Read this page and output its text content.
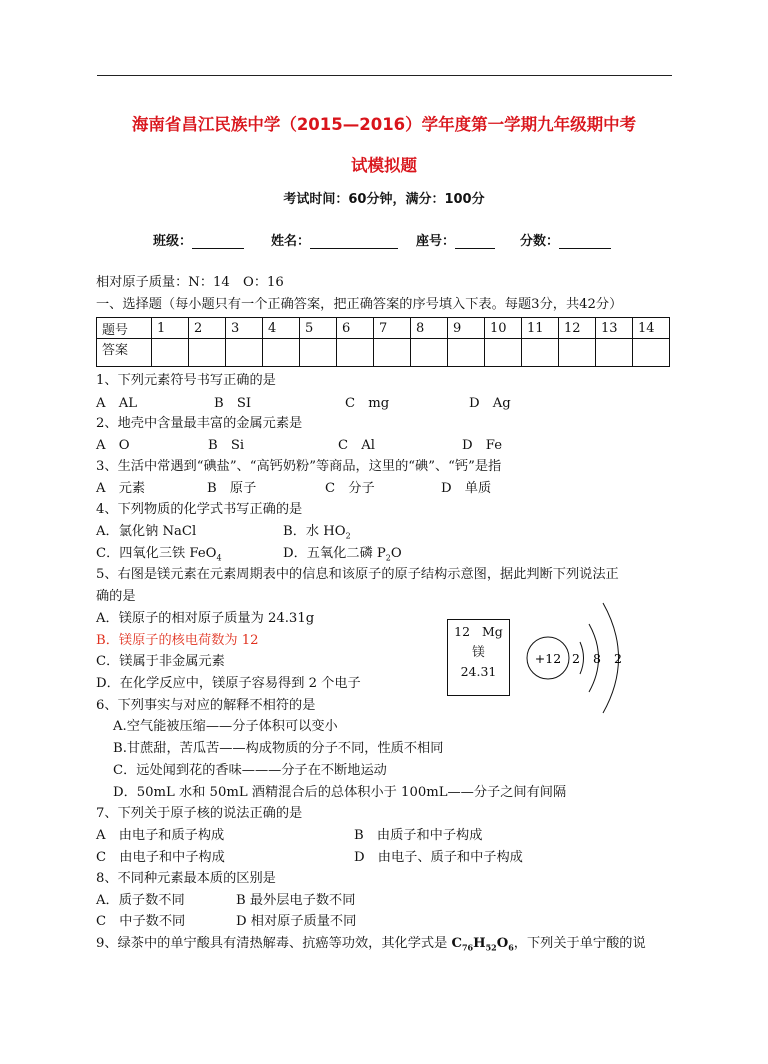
海南省昌江民族中学（2015—2016）学年度第一学期九年级期中考
试模拟题
考试时间：60分钟，满分：100分
班级：	姓名：	座号：	分数：
相对原子质量：N：14　O：16
一、选择题（每小题只有一个正确答案，把正确答案的序号填入下表。每题3分，共42分）
题号	1	2	3	4	5	6	7	8	9	10	11	12	13	14
答案														
1、下列元素符号书写正确的是
A　AL	B　SI	C　mg	D　Ag
2、地壳中含量最丰富的金属元素是
A　O	B　Si	C　Al	D　Fe
3、生活中常遇到“碘盐”、“高钙奶粉”等商品，这里的“碘”、“钙”是指
A　元素	B　原子	C　分子	D　单质
4、下列物质的化学式书写正确的是
A．氯化钠 NaCl	B．水 $HO_2$
C．四氧化三铁 FeO$_4$	D．五氧化二磷 $P_2O$
5、右图是镁元素在元素周期表中的信息和该原子的原子结构示意图，据此判断下列说法正
确的是
A．镁原子的相对原子质量为 24.31g
B．镁原子的核电荷数为 12
C．镁属于非金属元素
D．在化学反应中，镁原子容易得到 2 个电子
12 Mg
镁
24.31
+12 2 8 2
6、下列事实与对应的解释不相符的是
A.空气能被压缩——分子体积可以变小
B.甘蔗甜，苦瓜苦——构成物质的分子不同，性质不相同
C．远处闻到花的香味———分子在不断地运动
D．50mL 水和 50mL 酒精混合后的总体积小于 100mL——分子之间有间隔
7、下列关于原子核的说法正确的是
A　由电子和质子构成	B　由质子和中子构成
C　由电子和中子构成	D　由电子、质子和中子构成
8、不同种元素最本质的区别是
A．质子数不同	B 最外层电子数不同
C　中子数不同	D 相对原子质量不同
9、绿茶中的单宁酸具有清热解毒、抗癌等功效，其化学式是 $C_{76}H_{52}O_6$，下列关于单宁酸的说
